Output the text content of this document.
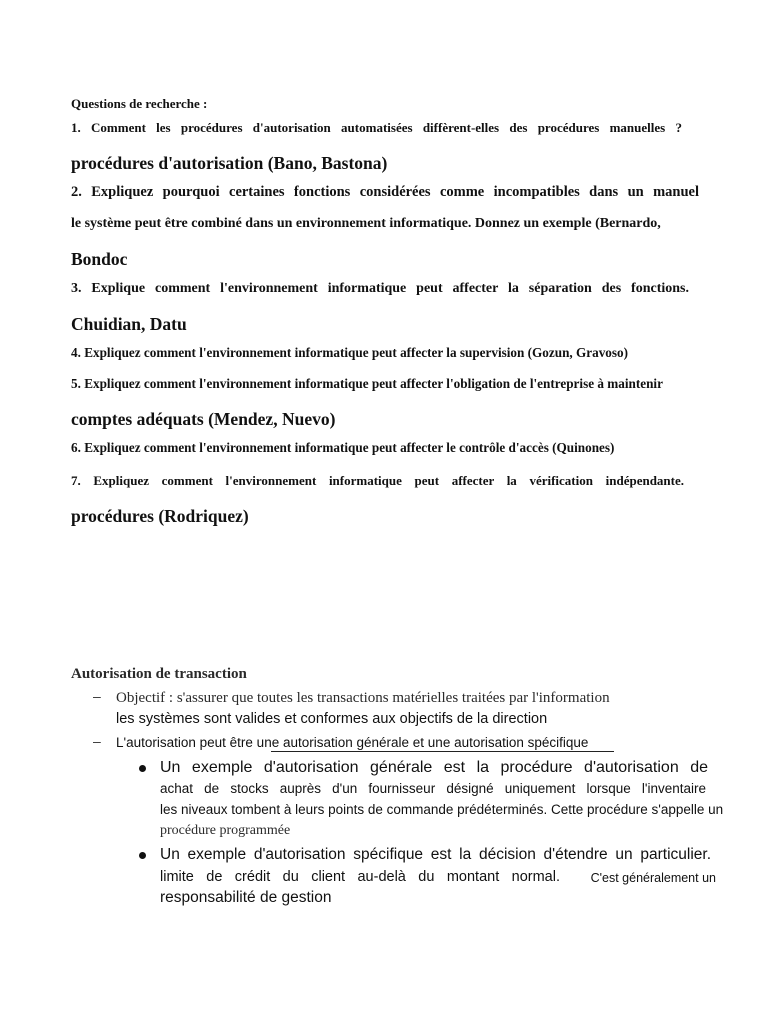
Questions de recherche :
1. Comment les procédures d'autorisation automatisées diffèrent-elles des procédures manuelles ?
procédures d'autorisation (Bano, Bastona)
2. Expliquez pourquoi certaines fonctions considérées comme incompatibles dans un manuel
le système peut être combiné dans un environnement informatique. Donnez un exemple (Bernardo,
Bondoc
3. Explique comment l'environnement informatique peut affecter la séparation des fonctions.
Chuidian, Datu
4. Expliquez comment l'environnement informatique peut affecter la supervision (Gozun, Gravoso)
5. Expliquez comment l'environnement informatique peut affecter l'obligation de l'entreprise à maintenir
comptes adéquats (Mendez, Nuevo)
6. Expliquez comment l'environnement informatique peut affecter le contrôle d'accès (Quinones)
7. Expliquez comment l'environnement informatique peut affecter la vérification indépendante.
procédures (Rodriquez)
Autorisation de transaction
– Objectif : s'assurer que toutes les transactions matérielles traitées par l'information
les systèmes sont valides et conformes aux objectifs de la direction
– L'autorisation peut être une autorisation générale et une autorisation spécifique
Un exemple d'autorisation générale est la procédure d'autorisation de
achat de stocks auprès d'un fournisseur désigné uniquement lorsque l'inventaire
les niveaux tombent à leurs points de commande prédéterminés. Cette procédure s'appelle un
procédure programmée
Un exemple d'autorisation spécifique est la décision d'étendre un particulier.
limite de crédit du client au-delà du montant normal. C'est généralement un
responsabilité de gestion
